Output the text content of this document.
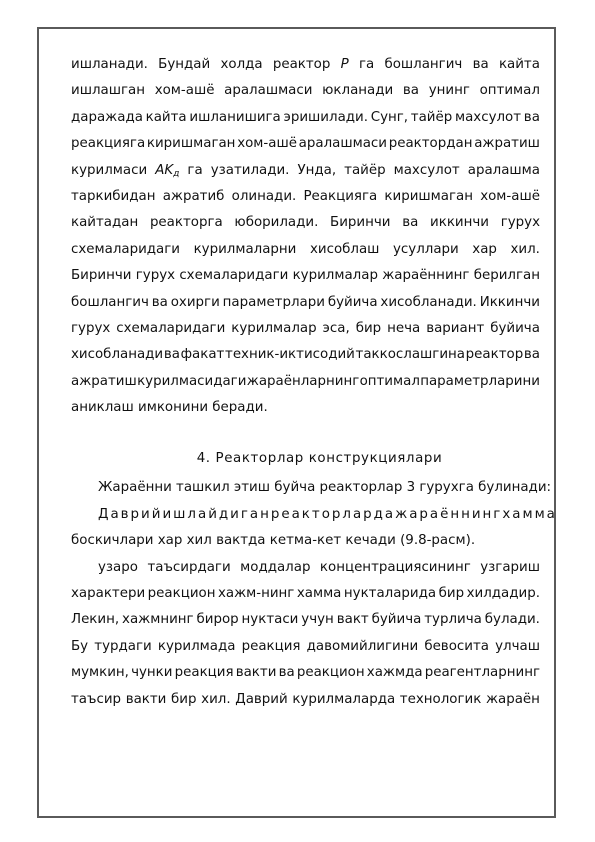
ишланади. Бундай холда реактор P га бошлангич ва кайта
ишлашган хом-ашё аралашмаси юкланади ва унинг оптимал
даражада кайта ишланишига эришилади. Сунг, тайёр махсулот ва
реакцияга киришмаган хом-ашё аралашмаси реактордан ажратиш
курилмаси $AK_д$ га узатилади. Унда, тайёр махсулот аралашма
таркибидан ажратиб олинади. Реакцияга киришмаган хом-ашё
кайтадан реакторга юборилади. Биринчи ва иккинчи гурух
схемаларидаги курилмаларни хисоблаш усуллари хар хил.
Биринчи гурух схемаларидаги курилмалар жараённинг берилган
бошлангич ва охирги параметрлари буйича хисобланади. Иккинчи
гурух схемаларидаги курилмалар эса, бир неча вариант буйича
хисобланади ва факат техник-иктисодий таккослашгина реактор ва
ажратиш курилмасидаги жараёнларнинг оптимал параметрларини
аниклаш имконини беради.
4. Реакторлар конструкциялари
Жараённи ташкил этиш буйча реакторлар 3 гурухга булинади:
Даврий ишлайдиган реакторларда жараённинг хамма
боскичлари хар хил вактда кетма-кет кечади (9.8-расм).
узаро таъсирдаги моддалар концентрациясининг узгариш
характери реакцион хажм-нинг хамма нукталарида бир хилдадир.
Лекин, хажмнинг бирор нуктаси учун вакт буйича турлича булади.
Бу турдаги курилмада реакция давомийлигини бевосита улчаш
мумкин, чунки реакция вакти ва реакцион хажмда реагентларнинг
таъсир вакти бир хил. Даврий курилмаларда технологик жараён
